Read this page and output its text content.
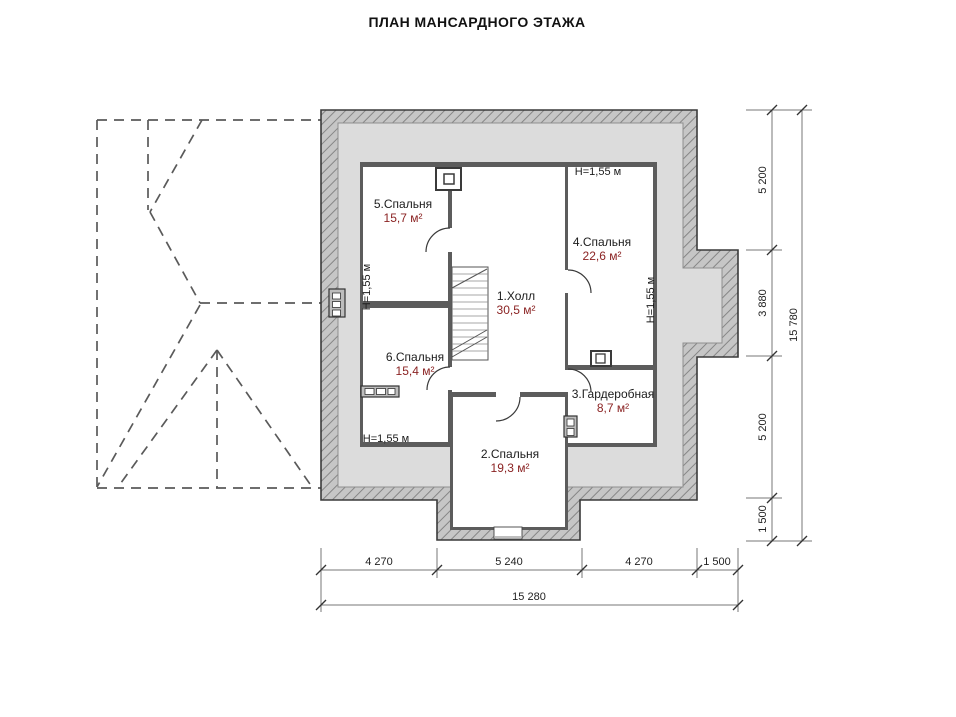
ПЛАН МАНСАРДНОГО ЭТАЖА
5.Спальня
15,7 м²
4.Спальня
22,6 м²
1.Холл
30,5 м²
6.Спальня
15,4 м²
3.Гардеробная
8,7 м²
2.Спальня
19,3 м²
Н=1,55 м
Н=1,55 м	Н=1,55 м
Н=1,55 м
5 200
3 880
5 200
1 500
15 780
4 270	5 240	4 270	1 500
15 280
